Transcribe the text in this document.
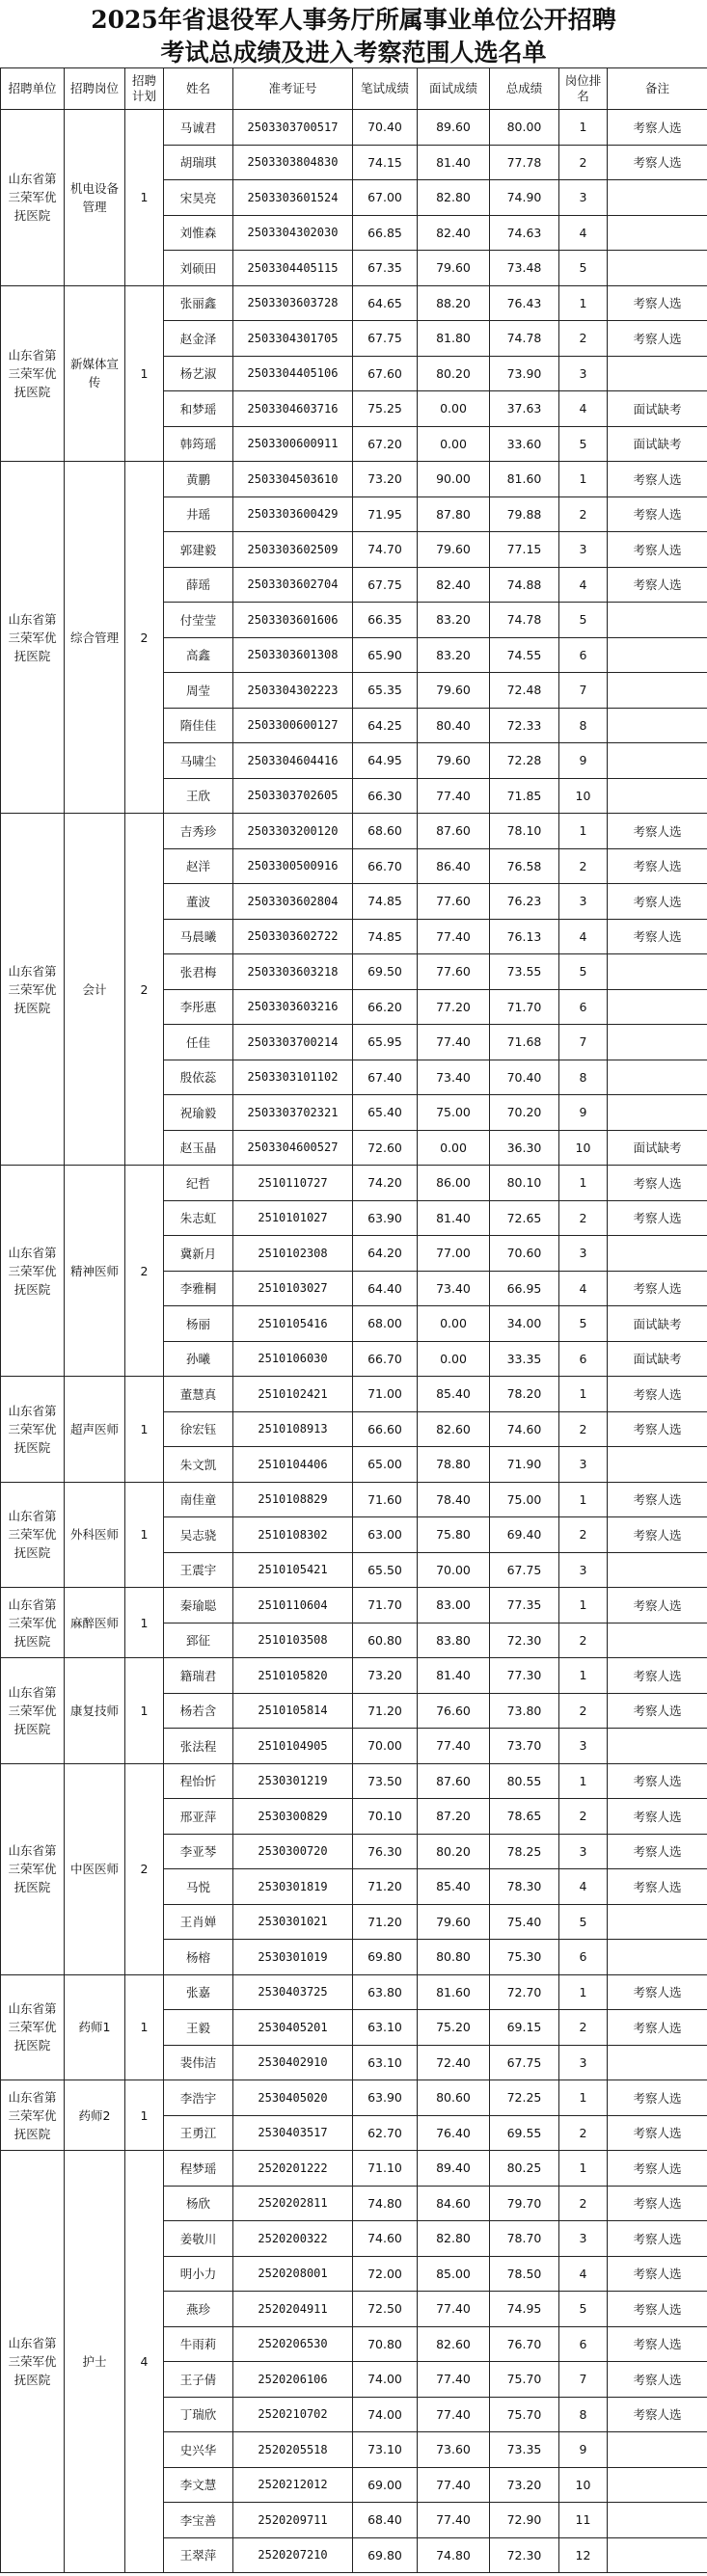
2025年省退役军人事务厅所属事业单位公开招聘
考试总成绩及进入考察范围人选名单
招聘单位	招聘岗位	招聘计划	姓名	准考证号	笔试成绩	面试成绩	总成绩	岗位排名	备注
山东省第三荣军优抚医院	机电设备管理	1	马诚君	2503303700517	70.40	89.60	80.00	1	考察人选
			胡瑞琪	2503303804830	74.15	81.40	77.78	2	考察人选
			宋昊亮	2503303601524	67.00	82.80	74.90	3	
			刘惟森	2503304302030	66.85	82.40	74.63	4	
			刘硕田	2503304405115	67.35	79.60	73.48	5	
山东省第三荣军优抚医院	新媒体宣传	1	张丽鑫	2503303603728	64.65	88.20	76.43	1	考察人选
			赵金泽	2503304301705	67.75	81.80	74.78	2	考察人选
			杨艺淑	2503304405106	67.60	80.20	73.90	3	
			和梦瑶	2503304603716	75.25	0.00	37.63	4	面试缺考
			韩筠瑶	2503300600911	67.20	0.00	33.60	5	面试缺考
山东省第三荣军优抚医院	综合管理	2	黄鹏	2503304503610	73.20	90.00	81.60	1	考察人选
			井瑶	2503303600429	71.95	87.80	79.88	2	考察人选
			郭建毅	2503303602509	74.70	79.60	77.15	3	考察人选
			薛瑶	2503303602704	67.75	82.40	74.88	4	考察人选
			付莹莹	2503303601606	66.35	83.20	74.78	5	
			高鑫	2503303601308	65.90	83.20	74.55	6	
			周莹	2503304302223	65.35	79.60	72.48	7	
			隋佳佳	2503300600127	64.25	80.40	72.33	8	
			马啸尘	2503304604416	64.95	79.60	72.28	9	
			王欣	2503303702605	66.30	77.40	71.85	10	
山东省第三荣军优抚医院	会计	2	吉秀珍	2503303200120	68.60	87.60	78.10	1	考察人选
			赵洋	2503300500916	66.70	86.40	76.58	2	考察人选
			董波	2503303602804	74.85	77.60	76.23	3	考察人选
			马晨曦	2503303602722	74.85	77.40	76.13	4	考察人选
			张君梅	2503303603218	69.50	77.60	73.55	5	
			李彤惠	2503303603216	66.20	77.20	71.70	6	
			任佳	2503303700214	65.95	77.40	71.68	7	
			殷依蕊	2503303101102	67.40	73.40	70.40	8	
			祝瑜毅	2503303702321	65.40	75.00	70.20	9	
			赵玉晶	2503304600527	72.60	0.00	36.30	10	面试缺考
山东省第三荣军优抚医院	精神医师	2	纪哲	2510110727	74.20	86.00	80.10	1	考察人选
			朱志虹	2510101027	63.90	81.40	72.65	2	考察人选
			冀新月	2510102308	64.20	77.00	70.60	3	
			李雅桐	2510103027	64.40	73.40	66.95	4	考察人选
			杨丽	2510105416	68.00	0.00	34.00	5	面试缺考
			孙曦	2510106030	66.70	0.00	33.35	6	面试缺考
山东省第三荣军优抚医院	超声医师	1	董慧真	2510102421	71.00	85.40	78.20	1	考察人选
			徐宏钰	2510108913	66.60	82.60	74.60	2	考察人选
			朱文凯	2510104406	65.00	78.80	71.90	3	
山东省第三荣军优抚医院	外科医师	1	南佳童	2510108829	71.60	78.40	75.00	1	考察人选
			吴志骁	2510108302	63.00	75.80	69.40	2	考察人选
			王震宇	2510105421	65.50	70.00	67.75	3	
山东省第三荣军优抚医院	麻醉医师	1	秦瑜聪	2510110604	71.70	83.00	77.35	1	考察人选
			郅征	2510103508	60.80	83.80	72.30	2	
山东省第三荣军优抚医院	康复技师	1	籍瑞君	2510105820	73.20	81.40	77.30	1	考察人选
			杨若含	2510105814	71.20	76.60	73.80	2	考察人选
			张法程	2510104905	70.00	77.40	73.70	3	
山东省第三荣军优抚医院	中医医师	2	程怡忻	2530301219	73.50	87.60	80.55	1	考察人选
			邢亚萍	2530300829	70.10	87.20	78.65	2	考察人选
			李亚琴	2530300720	76.30	80.20	78.25	3	考察人选
			马悦	2530301819	71.20	85.40	78.30	4	考察人选
			王肖婵	2530301021	71.20	79.60	75.40	5	
			杨榕	2530301019	69.80	80.80	75.30	6	
山东省第三荣军优抚医院	药师1	1	张嘉	2530403725	63.80	81.60	72.70	1	考察人选
			王毅	2530405201	63.10	75.20	69.15	2	考察人选
			裴伟洁	2530402910	63.10	72.40	67.75	3	
山东省第三荣军优抚医院	药师2	1	李浩宇	2530405020	63.90	80.60	72.25	1	考察人选
			王勇江	2530403517	62.70	76.40	69.55	2	考察人选
山东省第三荣军优抚医院	护士	4	程梦瑶	2520201222	71.10	89.40	80.25	1	考察人选
			杨欣	2520202811	74.80	84.60	79.70	2	考察人选
			姜敬川	2520200322	74.60	82.80	78.70	3	考察人选
			明小力	2520208001	72.00	85.00	78.50	4	考察人选
			燕珍	2520204911	72.50	77.40	74.95	5	考察人选
			牛雨莉	2520206530	70.80	82.60	76.70	6	考察人选
			王子倩	2520206106	74.00	77.40	75.70	7	考察人选
			丁瑞欣	2520210702	74.00	77.40	75.70	8	考察人选
			史兴华	2520205518	73.10	73.60	73.35	9	
			李文慧	2520212012	69.00	77.40	73.20	10	
			李宝善	2520209711	68.40	77.40	72.90	11	
			王翠萍	2520207210	69.80	74.80	72.30	12	
